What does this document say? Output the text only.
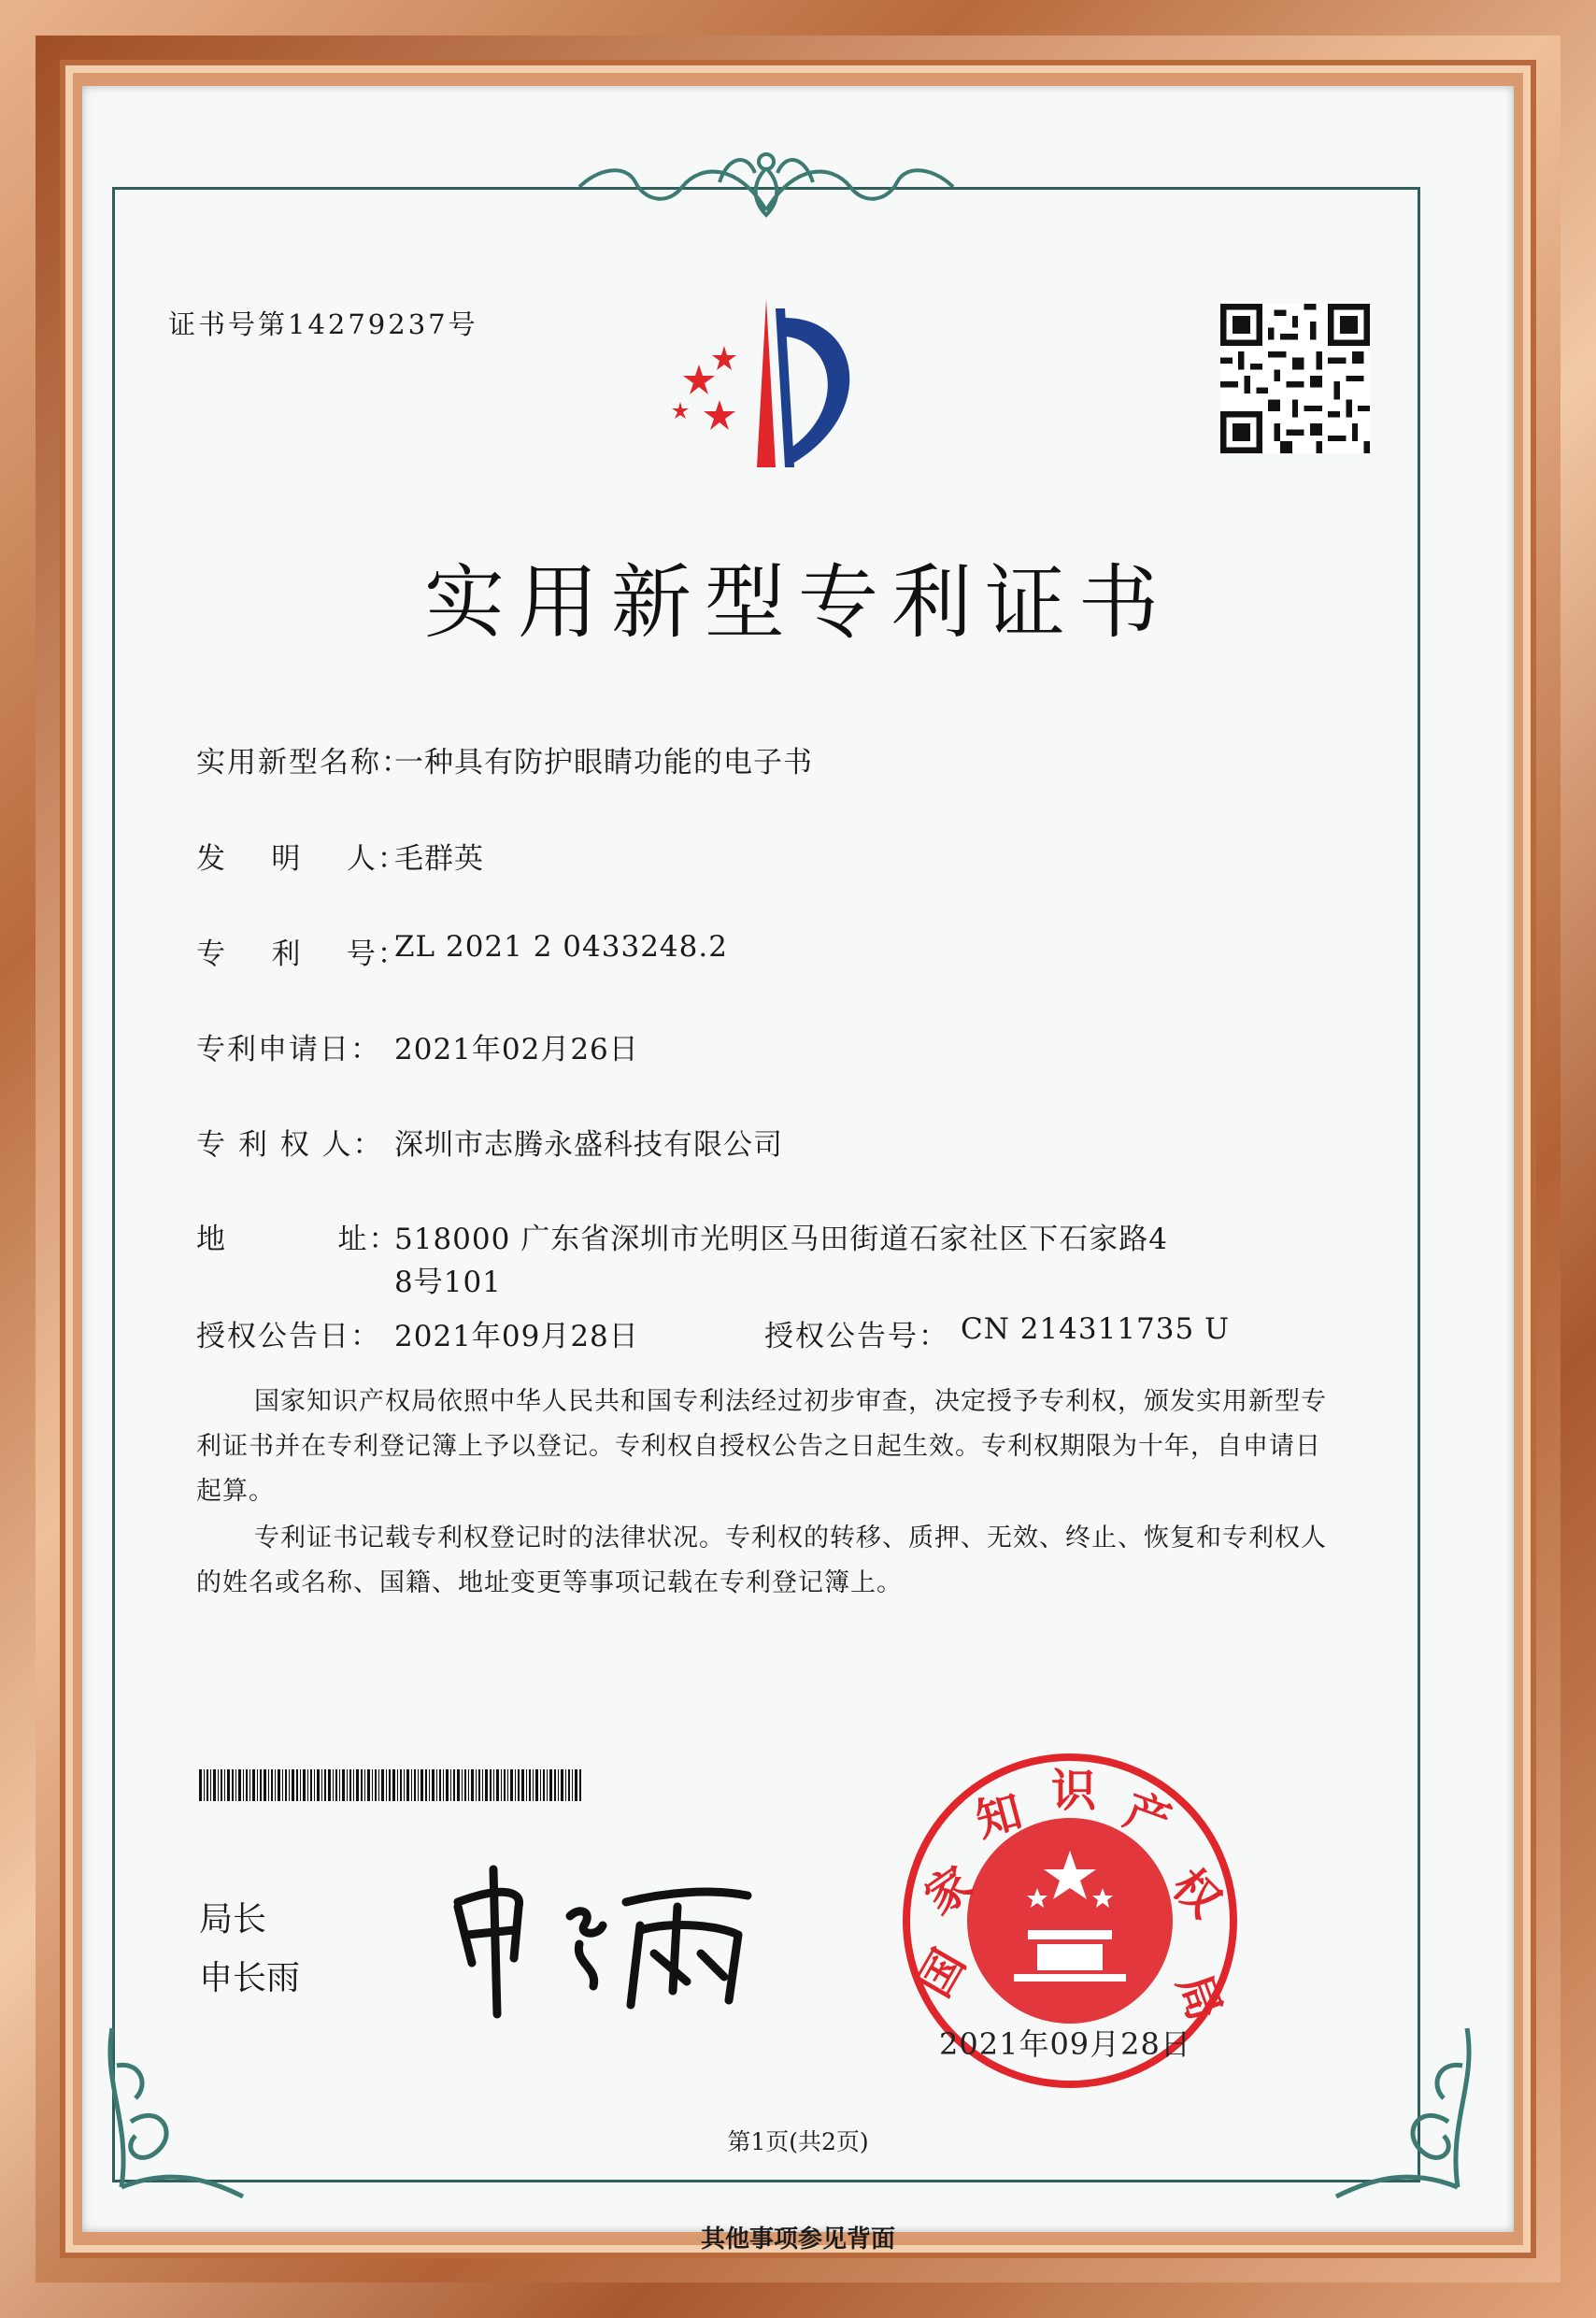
证书号第14279237号
实用新型专利证书
实用新型名称：
一种具有防护眼睛功能的电子书
发    明    人：
毛群英
专    利    号：
ZL 2021 2 0433248.2
专利申请日： 2021年02月26日
专 利 权 人： 深圳市志腾永盛科技有限公司
地          址：
518000 广东省深圳市光明区马田街道石家社区下石家路4
8号101
授权公告日： 2021年09月28日	授权公告号： CN 214311735 U
国家知识产权局依照中华人民共和国专利法经过初步审查，决定授予专利权，颁发实用新型专利证书并在专利登记簿上予以登记。专利权自授权公告之日起生效。专利权期限为十年，自申请日起算。
专利证书记载专利权登记时的法律状况。专利权的转移、质押、无效、终止、恢复和专利权人的姓名或名称、国籍、地址变更等事项记载在专利登记簿上。
局长
申长雨	国
家
知 识 产
权
局
2021年09月28日
第1页(共2页)
其他事项参见背面
